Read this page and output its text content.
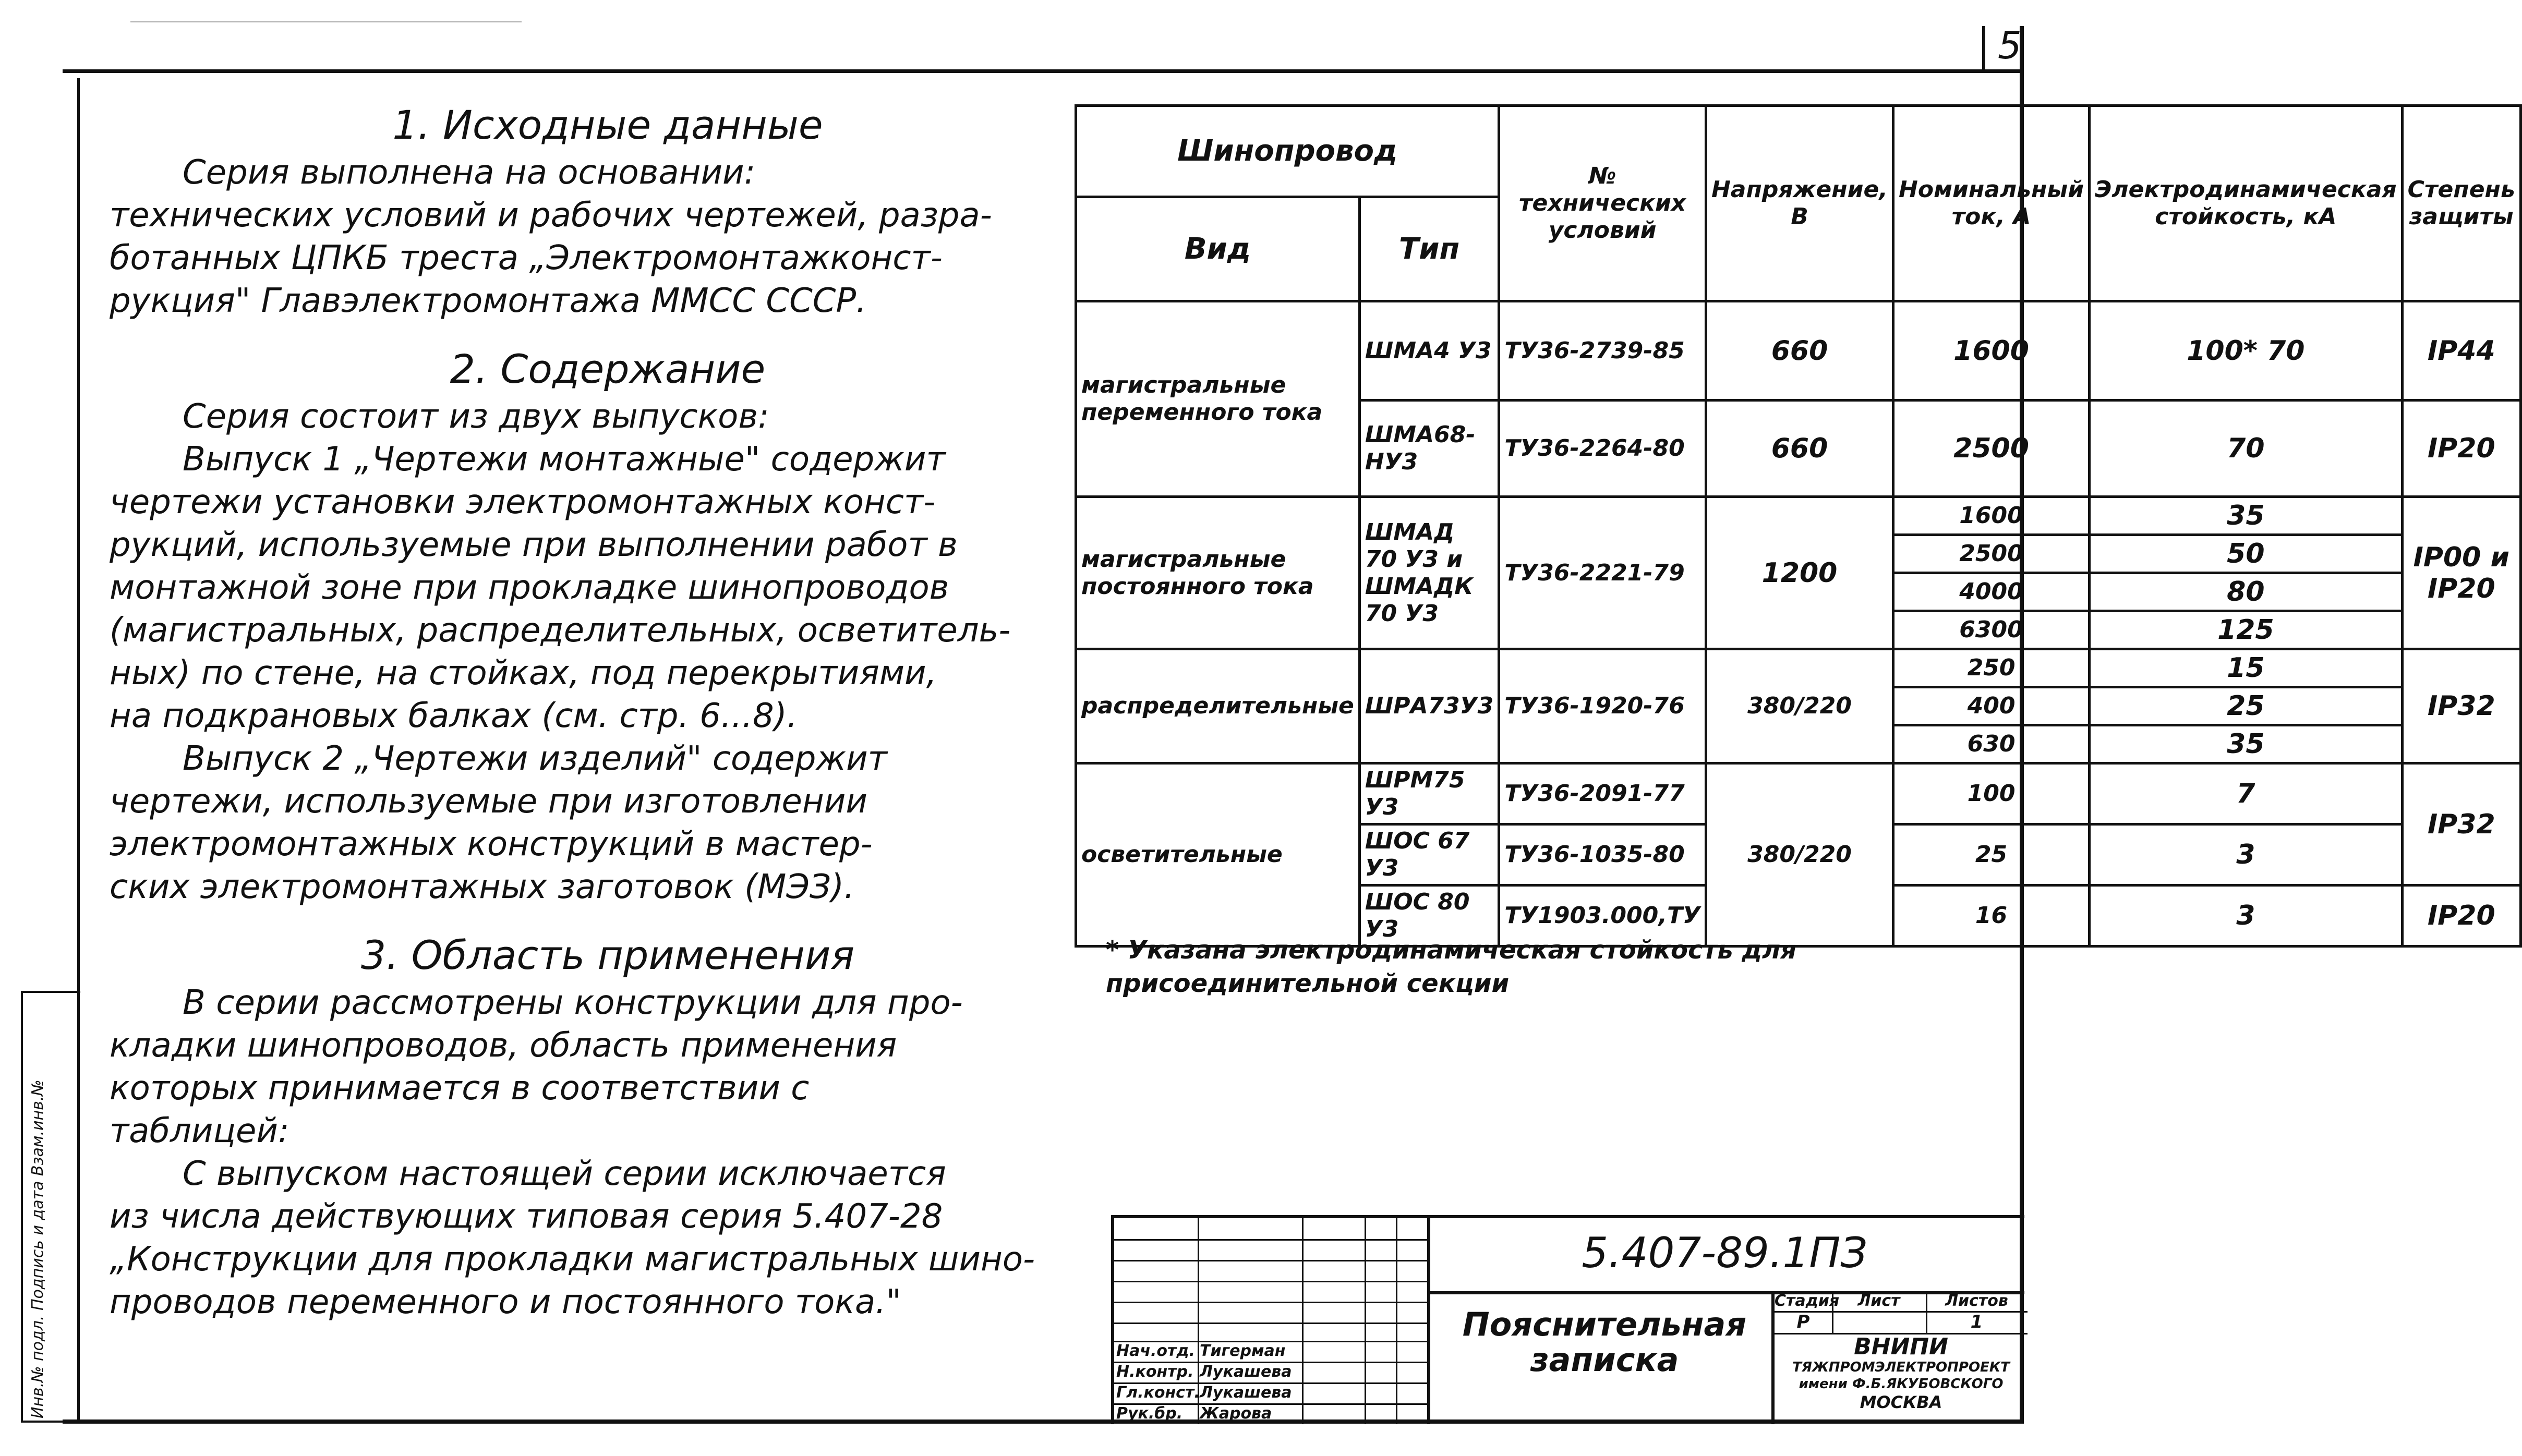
5
Инв.№ подл. Подпись и дата Взам.инв.№
1. Исходные данные

Серия выполнена на основании:

технических условий и рабочих чертежей, разра-

ботанных ЦПКБ треста „Электромонтажконст-

рукция" Главэлектромонтажа ММСС СССР.

2. Содержание

Серия состоит из двух выпусков:

Выпуск 1 „Чертежи монтажные" содержит

чертежи установки электромонтажных конст-

рукций, используемые при выполнении работ в

монтажной зоне при прокладке шинопроводов

(магистральных, распределительных, осветитель-

ных) по стене, на стойках, под перекрытиями,

на подкрановых балках (см. стр. 6...8).

Выпуск 2 „Чертежи изделий" содержит

чертежи, используемые при изготовлении

электромонтажных конструкций в мастер-

ских электромонтажных заготовок (МЭЗ).

3. Область применения

В серии рассмотрены конструкции для про-

кладки шинопроводов, область применения

которых принимается в соответствии с

таблицей:

С выпуском настоящей серии исключается

из числа действующих типовая серия 5.407-28

„Конструкции для прокладки магистральных шино-

проводов переменного и постоянного тока."

Шинопровод		№ технических условий	Напряжение, В	Номинальный ток, А	Электродинамическая стойкость, кА	Степень защиты
Вид	Тип					
магистральные переменного тока	ШМА4 У3	ТУ36-2739-85	660	1600	100* 70	IP44
	ШМА68-НУ3	ТУ36-2264-80	660	2500	70	IP20
магистральные постоянного тока	ШМАД 70 У3 и ШМАДК 70 У3	ТУ36-2221-79	1200	1600	35	IP00 и IP20
				2500	50	
				4000	80	
				6300	125	
распределительные	ШРА73У3	ТУ36-1920-76	380/220	250	15	IP32
				400	25	
				630	35	
осветительные	ШРМ75 У3	ТУ36-2091-77	380/220	100	7	IP32
	ШОС 67 У3	ТУ36-1035-80		25	3	
	ШОС 80 У3	ТУ1903.000,ТУ		16	3	IP20
* Указана электродинамическая стойкость для присоединительной секции
Нач.отд. Тигерман
Н.контр. Лукашева
Гл.конст. Лукашева
Рук.бр.	Жарова
5.407-89.1ПЗ
Пояснительная
записка
Стадия	Лист	Листов
Р	1
ВНИПИ
ТЯЖПРОМЭЛЕКТРОПРОЕКТ
имени Ф.Б.ЯКУБОВСКОГО
МОСКВА
